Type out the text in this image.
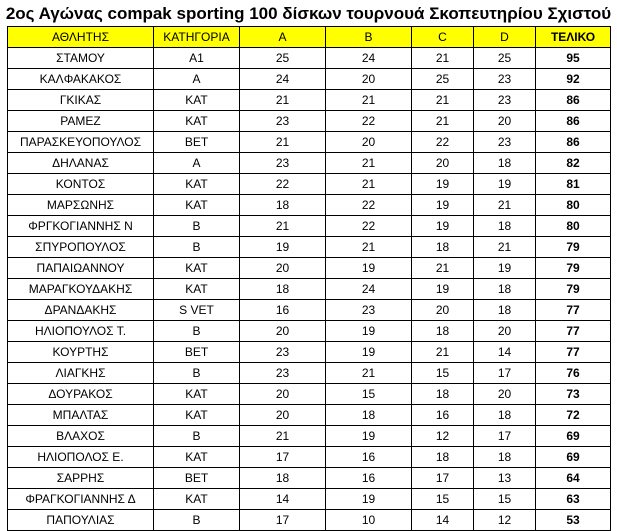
2ος Αγώνας compak sporting 100 δίσκων τουρνουά Σκοπευτηρίου Σχιστού
ΑΘΛΗΤΗΣ	ΚΑΤΗΓΟΡΙΑ	A	B	C	D	ΤΕΛΙΚΟ
ΣΤΑΜΟΥ	Α1	25	24	21	25	95
ΚΑΛΦΑΚΑΚΟΣ	Α	24	20	25	23	92
ΓΚΙΚΑΣ	ΚΑΤ	21	21	21	23	86
ΡΑΜΕΖ	ΚΑΤ	23	22	21	20	86
ΠΑΡΑΣΚΕΥΟΠΟΥΛΟΣ	ΒΕΤ	21	20	22	23	86
ΔΗΛΑΝΑΣ	Α	23	21	20	18	82
ΚΟΝΤΟΣ	ΚΑΤ	22	21	19	19	81
ΜΑΡΣΩΝΗΣ	ΚΑΤ	18	22	19	21	80
ΦΡΓΚΟΓΙΑΝΝΗΣ Ν	Β	21	22	19	18	80
ΣΠΥΡΟΠΟΥΛΟΣ	Β	19	21	18	21	79
ΠΑΠΑΙΩΑΝΝΟΥ	ΚΑΤ	20	19	21	19	79
ΜΑΡΑΓΚΟΥΔΑΚΗΣ	ΚΑΤ	18	24	19	18	79
ΔΡΑΝΔΑΚΗΣ	S VET	16	23	20	18	77
ΗΛΙΟΠΟΥΛΟΣ Τ.	Β	20	19	18	20	77
ΚΟΥΡΤΗΣ	ΒΕΤ	23	19	21	14	77
ΛΙΑΓΚΗΣ	Β	23	21	15	17	76
ΔΟΥΡΑΚΟΣ	ΚΑΤ	20	15	18	20	73
ΜΠΑΛΤΑΣ	ΚΑΤ	20	18	16	18	72
ΒΛΑΧΟΣ	Β	21	19	12	17	69
ΗΛΙΟΠΟΛΟΣ Ε.	ΚΑΤ	17	16	18	18	69
ΣΑΡΡΗΣ	ΒΕΤ	18	16	17	13	64
ΦΡΑΓΚΟΓΙΑΝΝΗΣ Δ	ΚΑΤ	14	19	15	15	63
ΠΑΠΟΥΛΙΑΣ	Β	17	10	14	12	53
